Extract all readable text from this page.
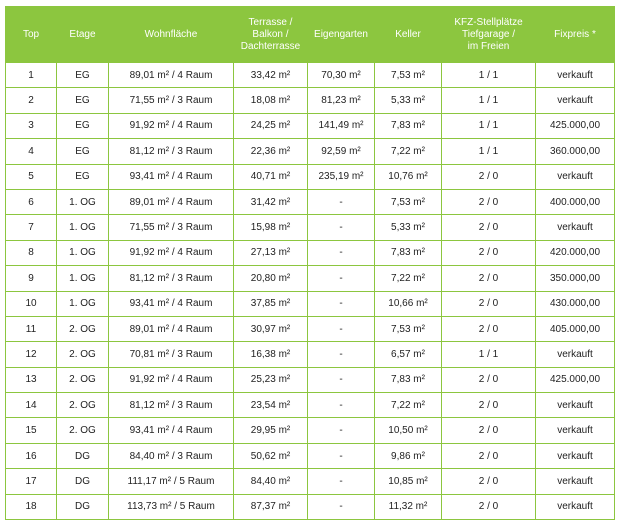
Top	Etage	Wohnfläche	Terrasse /
Balkon /
Dachterrasse	Eigengarten	Keller	KFZ-Stellplätze
Tiefgarage /
im Freien	Fixpreis *
1	EG	89,01 m² / 4 Raum	33,42 m²	70,30 m²	7,53 m²	1 / 1	verkauft
2	EG	71,55 m² / 3 Raum	18,08 m²	81,23 m²	5,33 m²	1 / 1	verkauft
3	EG	91,92 m² / 4 Raum	24,25 m²	141,49 m²	7,83 m²	1 / 1	425.000,00
4	EG	81,12 m² / 3 Raum	22,36 m²	92,59 m²	7,22 m²	1 / 1	360.000,00
5	EG	93,41 m² / 4 Raum	40,71 m²	235,19 m²	10,76 m²	2 / 0	verkauft
6	1. OG	89,01 m² / 4 Raum	31,42 m²	-	7,53 m²	2 / 0	400.000,00
7	1. OG	71,55 m² / 3 Raum	15,98 m²	-	5,33 m²	2 / 0	verkauft
8	1. OG	91,92 m² / 4 Raum	27,13 m²	-	7,83 m²	2 / 0	420.000,00
9	1. OG	81,12 m² / 3 Raum	20,80 m²	-	7,22 m²	2 / 0	350.000,00
10	1. OG	93,41 m² / 4 Raum	37,85 m²	-	10,66 m²	2 / 0	430.000,00
11	2. OG	89,01 m² / 4 Raum	30,97 m²	-	7,53 m²	2 / 0	405.000,00
12	2. OG	70,81 m² / 3 Raum	16,38 m²	-	6,57 m²	1 / 1	verkauft
13	2. OG	91,92 m² / 4 Raum	25,23 m²	-	7,83 m²	2 / 0	425.000,00
14	2. OG	81,12 m² / 3 Raum	23,54 m²	-	7,22 m²	2 / 0	verkauft
15	2. OG	93,41 m² / 4 Raum	29,95 m²	-	10,50 m²	2 / 0	verkauft
16	DG	84,40 m² / 3 Raum	50,62 m²	-	9,86 m²	2 / 0	verkauft
17	DG	111,17 m² / 5 Raum	84,40 m²	-	10,85 m²	2 / 0	verkauft
18	DG	113,73 m² / 5 Raum	87,37 m²	-	11,32 m²	2 / 0	verkauft
